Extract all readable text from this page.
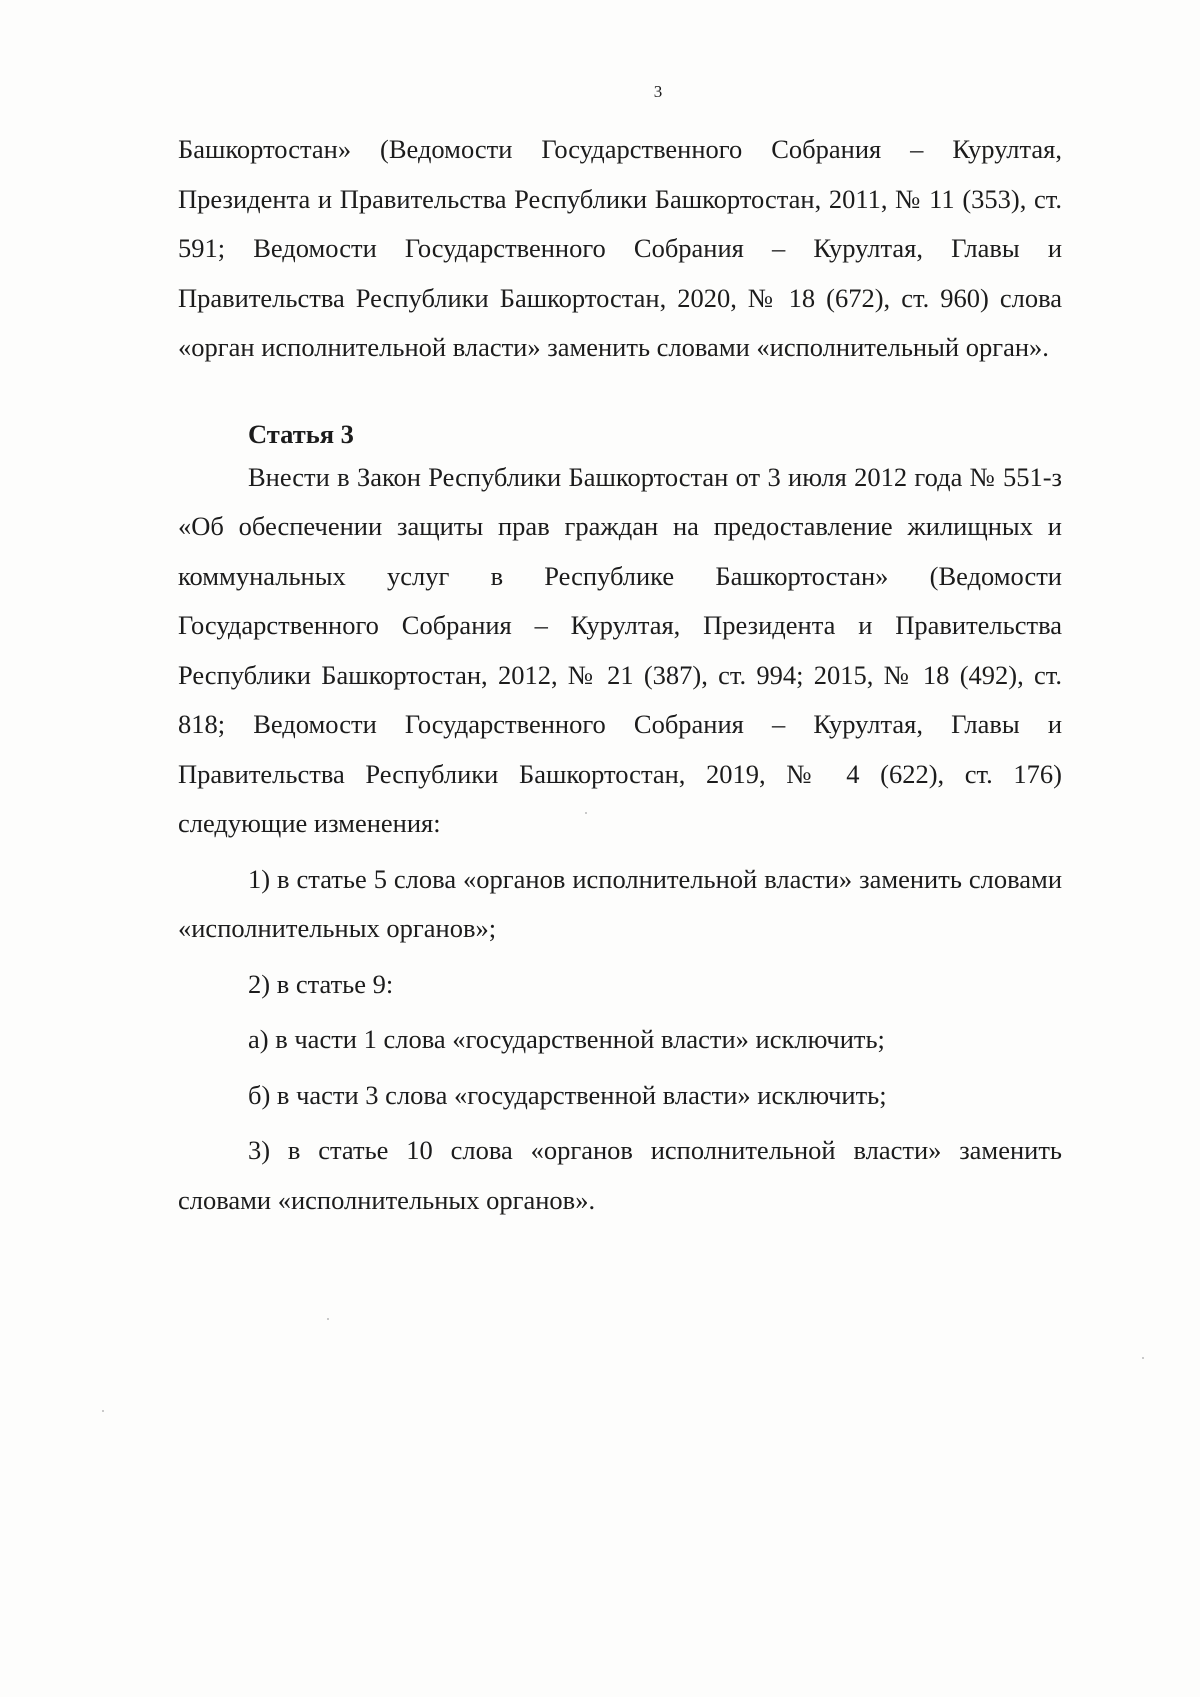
3

Башкортостан» (Ведомости Государственного Собрания – Курултая, Президента и Правительства Республики Башкортостан, 2011, № 11 (353), ст. 591; Ведомости Государственного Собрания – Курултая, Главы и Правительства Республики Башкортостан, 2020, № 18 (672), ст. 960) слова «орган исполнительной власти» заменить словами «исполнительный орган».

Статья 3

Внести в Закон Республики Башкортостан от 3 июля 2012 года № 551-з «Об обеспечении защиты прав граждан на предоставление жилищных и коммунальных услуг в Республике Башкортостан» (Ведомости Государственного Собрания – Курултая, Президента и Правительства Республики Башкортостан, 2012, № 21 (387), ст. 994; 2015, № 18 (492), ст. 818; Ведомости Государственного Собрания – Курултая, Главы и Правительства Республики Башкортостан, 2019, № 4 (622), ст. 176) следующие изменения:

1) в статье 5 слова «органов исполнительной власти» заменить словами «исполнительных органов»;

2) в статье 9:

а) в части 1 слова «государственной власти» исключить;

б) в части 3 слова «государственной власти» исключить;

3) в статье 10 слова «органов исполнительной власти» заменить словами «исполнительных органов».
